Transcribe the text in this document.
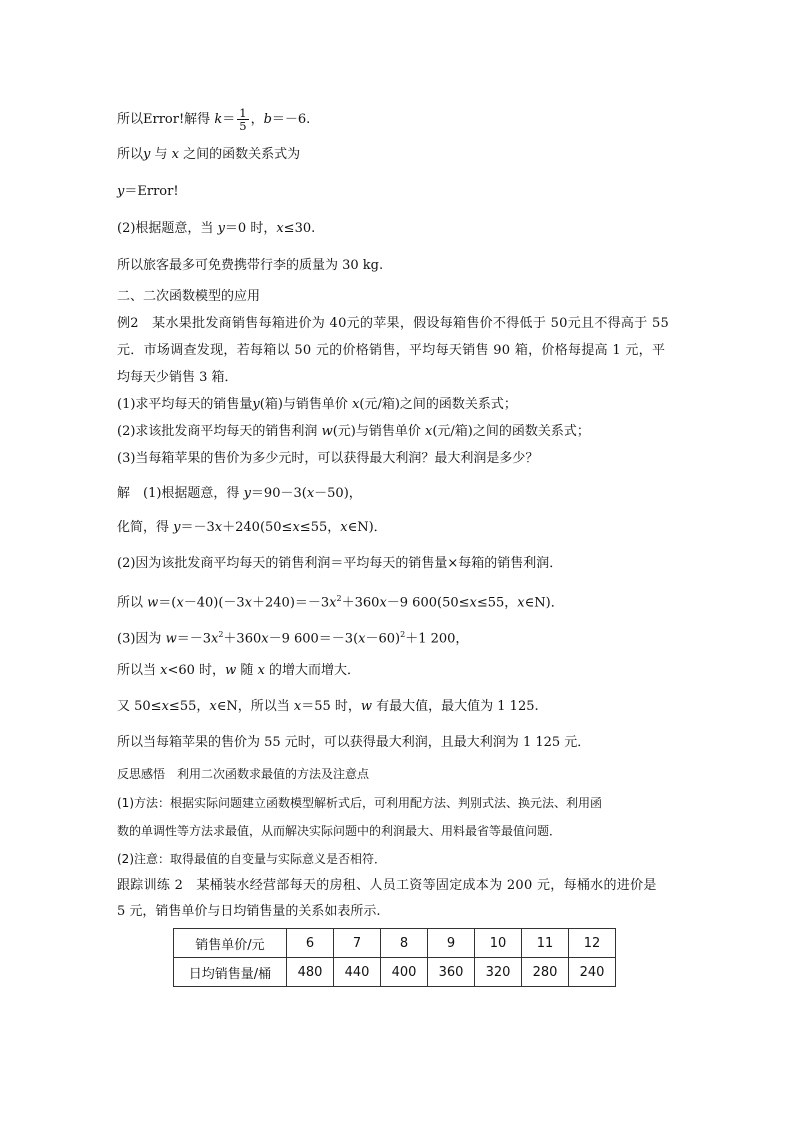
所以Error!解得 $k= \frac{1}{5}$ ，b＝－6.
所以y 与 x 之间的函数关系式为
y＝Error!
(2)根据题意，当 y＝0 时，x≤30.
所以旅客最多可免费携带行李的质量为 30 kg.
二、二次函数模型的应用
例2　某水果批发商销售每箱进价为 40元的苹果，假设每箱售价不得低于 50元且不得高于 55
元．市场调查发现，若每箱以 50 元的价格销售，平均每天销售 90 箱，价格每提高 1 元，平
均每天少销售 3 箱．
(1)求平均每天的销售量y(箱)与销售单价 x(元/箱)之间的函数关系式；
(2)求该批发商平均每天的销售利润 w(元)与销售单价 x(元/箱)之间的函数关系式；
(3)当每箱苹果的售价为多少元时，可以获得最大利润？最大利润是多少？
解　(1)根据题意，得 y＝90－3(x－50)，
化简，得 y＝－3x＋240(50≤x≤55，x∈N)．
(2)因为该批发商平均每天的销售利润＝平均每天的销售量×每箱的销售利润．
所以 $w=(x-40)(-3x+240)=-3x^2+360x-9$ 600(50≤x≤55，x∈N)．
(3)因为 $w=-3x^2+360x-9$ $600=-3(x-60)^2+1$ 200，
所以当 x<60 时，w 随 x 的增大而增大．
又 50≤x≤55，x∈N，所以当 x＝55 时，w 有最大值，最大值为 1 125.
所以当每箱苹果的售价为 55 元时，可以获得最大利润，且最大利润为 1 125 元．
反思感悟　利用二次函数求最值的方法及注意点
(1)方法：根据实际问题建立函数模型解析式后，可利用配方法、判别式法、换元法、利用函
数的单调性等方法求最值，从而解决实际问题中的利润最大、用料最省等最值问题．
(2)注意：取得最值的自变量与实际意义是否相符．
跟踪训练 2　某桶装水经营部每天的房租、人员工资等固定成本为 200 元，每桶水的进价是
5 元，销售单价与日均销售量的关系如表所示.
销售单价/元	6	7	8	9	10	11	12
日均销售量/桶	480	440	400	360	320	280	240
